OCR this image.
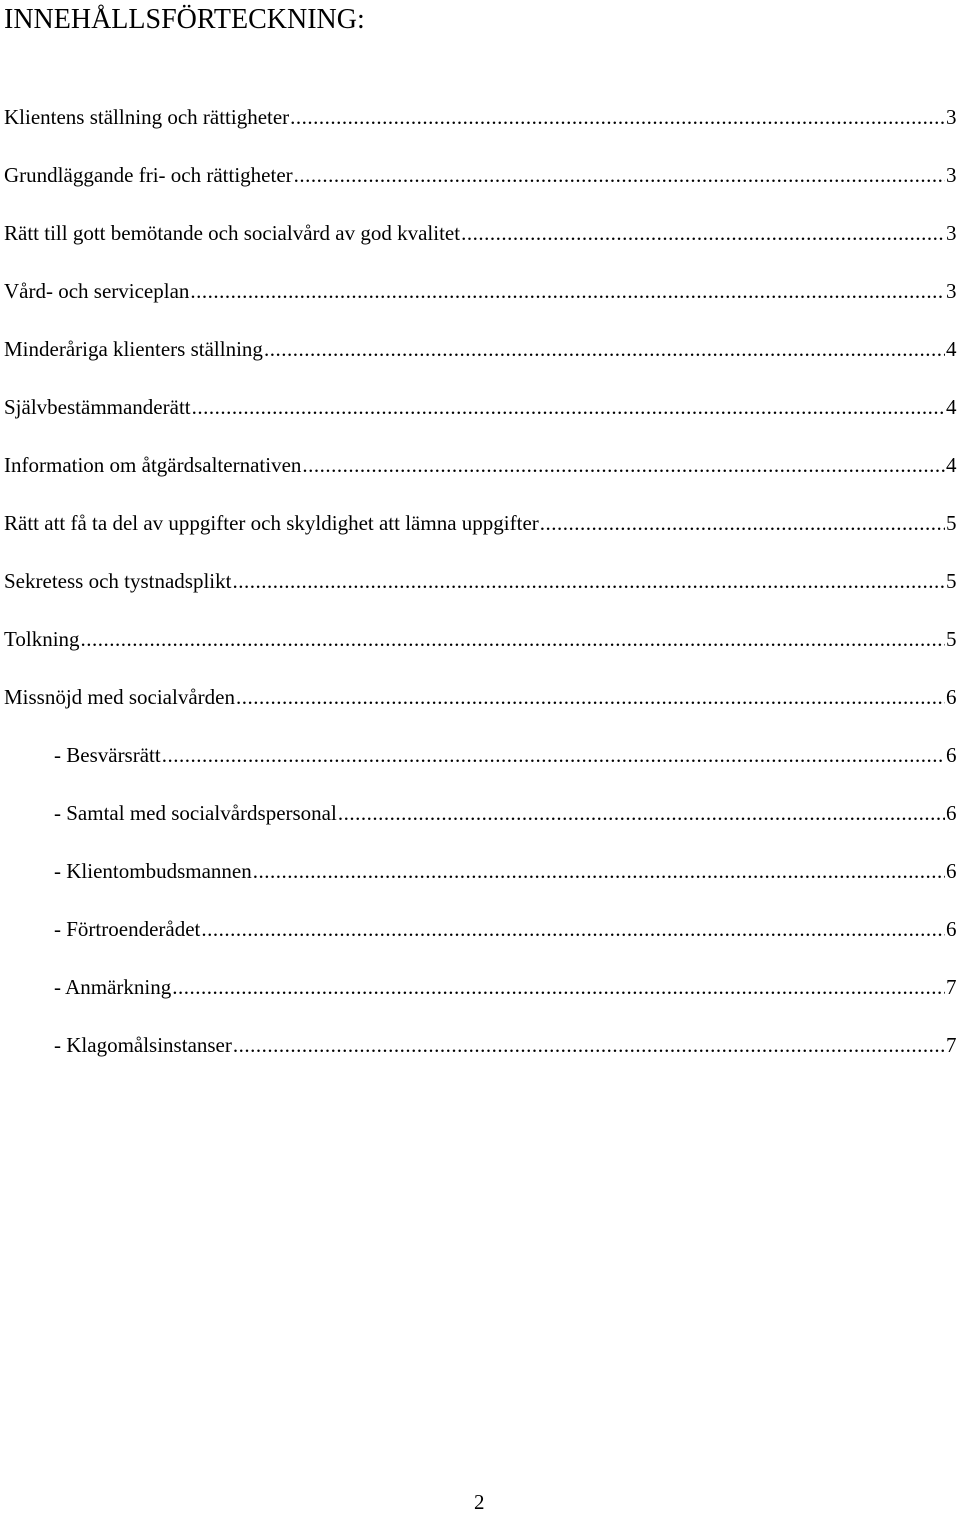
INNEHÅLLSFÖRTECKNING:
Klientens ställning och rättigheter .....	3
Grundläggande fri- och rättigheter .....	3
Rätt till gott bemötande och socialvård av god kvalitet .....	3
Vård- och serviceplan .....	3
Minderåriga klienters ställning .....	4
Självbestämmanderätt .....	4
Information om åtgärdsalternativen .....	4
Rätt att få ta del av uppgifter och skyldighet att lämna uppgifter .....	5
Sekretess och tystnadsplikt .....	5
Tolkning .....	5
Missnöjd med socialvården .....	6
- Besvärsrätt .....	6
- Samtal med socialvårdspersonal .....	6
- Klientombudsmannen .....	6
- Förtroenderådet .....	6
- Anmärkning .....	7
- Klagomålsinstanser .....	7
2
